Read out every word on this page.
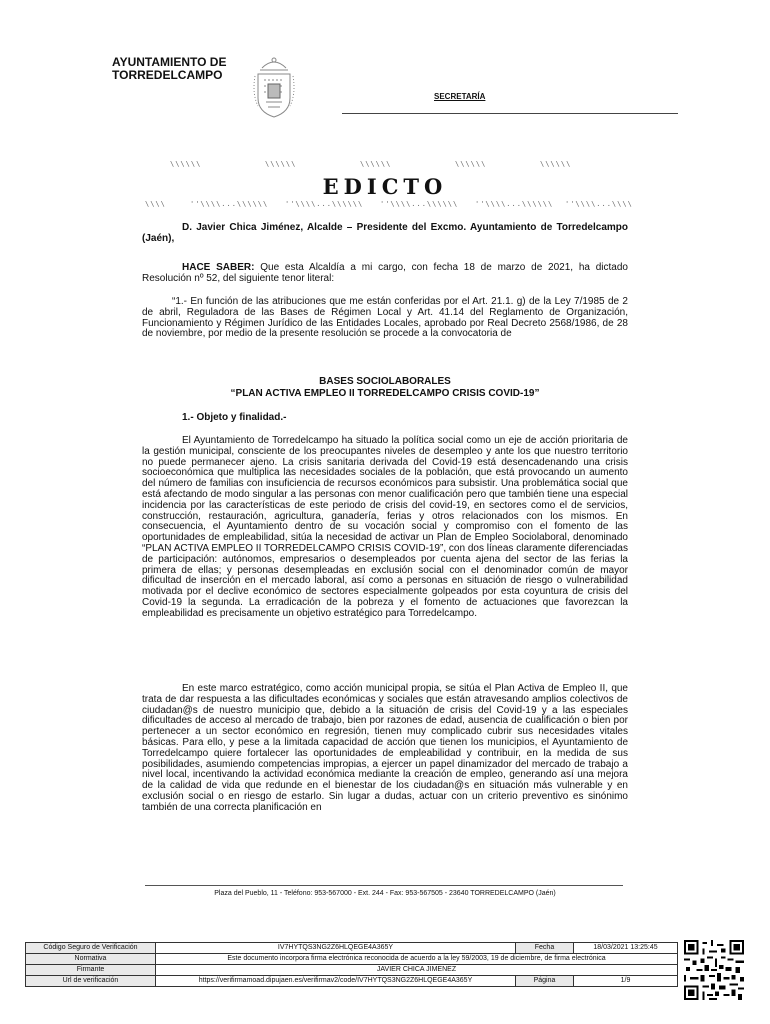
AYUNTAMIENTO DE
TORREDELCAMPO
SECRETARÍA
\\\\\\	\\\\\\	\\\\\\	\\\\\\	\\\\\\
EDICTO
\\\\	''\\\\...\\\\\\ ''\\\\...\\\\\\ ''\\\\...\\\\\\ ''\\\\...\\\\\\ ''\\\\...\\\\
D. Javier Chica Jiménez, Alcalde – Presidente del Excmo. Ayuntamiento de Torredelcampo (Jaén),
HACE SABER: Que esta Alcaldía a mi cargo, con fecha 18 de marzo de 2021, ha dictado Resolución nº 52, del siguiente tenor literal:
“1.- En función de las atribuciones que me están conferidas por el Art. 21.1. g) de la Ley 7/1985 de 2 de abril, Reguladora de las Bases de Régimen Local y Art. 41.14 del Reglamento de Organización, Funcionamiento y Régimen Jurídico de las Entidades Locales, aprobado por Real Decreto 2568/1986, de 28 de noviembre, por medio de la presente resolución se procede a la convocatoria de
BASES SOCIOLABORALES
“PLAN ACTIVA EMPLEO II TORREDELCAMPO CRISIS COVID-19”
1.- Objeto y finalidad.-
El Ayuntamiento de Torredelcampo ha situado la política social como un eje de acción prioritaria de la gestión municipal, consciente de los preocupantes niveles de desempleo y ante los que nuestro territorio no puede permanecer ajeno. La crisis sanitaria derivada del Covid-19 está desencadenando una crisis socioeconómica que multiplica las necesidades sociales de la población, que está provocando un aumento del número de familias con insuficiencia de recursos económicos para subsistir. Una problemática social que está afectando de modo singular a las personas con menor cualificación pero que también tiene una especial incidencia por las características de este periodo de crisis del covid-19, en sectores como el de servicios, construcción, restauración, agricultura, ganadería, ferias y otros relacionados con los mismos. En consecuencia, el Ayuntamiento dentro de su vocación social y compromiso con el fomento de las oportunidades de empleabilidad, sitúa la necesidad de activar un Plan de Empleo Sociolaboral, denominado “PLAN ACTIVA EMPLEO II TORREDELCAMPO CRISIS COVID-19”, con dos líneas claramente diferenciadas de participación: autónomos, empresarios o desempleados por cuenta ajena del sector de las ferias la primera de ellas; y personas desempleadas en exclusión social con el denominador común de mayor dificultad de inserción en el mercado laboral, así como a personas en situación de riesgo o vulnerabilidad motivada por el declive económico de sectores especialmente golpeados por esta coyuntura de crisis del Covid-19 la segunda. La erradicación de la pobreza y el fomento de actuaciones que favorezcan la empleabilidad es precisamente un objetivo estratégico para Torredelcampo.
En este marco estratégico, como acción municipal propia, se sitúa el Plan Activa de Empleo II, que trata de dar respuesta a las dificultades económicas y sociales que están atravesando amplios colectivos de ciudadan@s de nuestro municipio que, debido a la situación de crisis del Covid-19 y a las especiales dificultades de acceso al mercado de trabajo, bien por razones de edad, ausencia de cualificación o bien por pertenecer a un sector económico en regresión, tienen muy complicado cubrir sus necesidades vitales básicas. Para ello, y pese a la limitada capacidad de acción que tienen los municipios, el Ayuntamiento de Torredelcampo quiere fortalecer las oportunidades de empleabilidad y contribuir, en la medida de sus posibilidades, asumiendo competencias impropias, a ejercer un papel dinamizador del mercado de trabajo a nivel local, incentivando la actividad económica mediante la creación de empleo, generando así una mejora de la calidad de vida que redunde en el bienestar de los ciudadan@s en situación más vulnerable y en exclusión social o en riesgo de estarlo. Sin lugar a dudas, actuar con un criterio preventivo es sinónimo también de una correcta planificación en
Plaza del Pueblo, 11 - Teléfono: 953-567000 - Ext. 244 - Fax: 953-567505 - 23640 TORREDELCAMPO (Jaén)
Código Seguro de Verificación	IV7HYTQS3NG2Z6HLQEGE4A365Y	Fecha	18/03/2021 13:25:45
Normativa	Este documento incorpora firma electrónica reconocida de acuerdo a la ley 59/2003, 19 de diciembre, de firma electrónica		
Firmante	JAVIER CHICA JIMENEZ		
Url de verificación	https://verifirmamoad.dipujaen.es/verifirmav2/code/IV7HYTQS3NG2Z6HLQEGE4A365Y	Página	1/9
